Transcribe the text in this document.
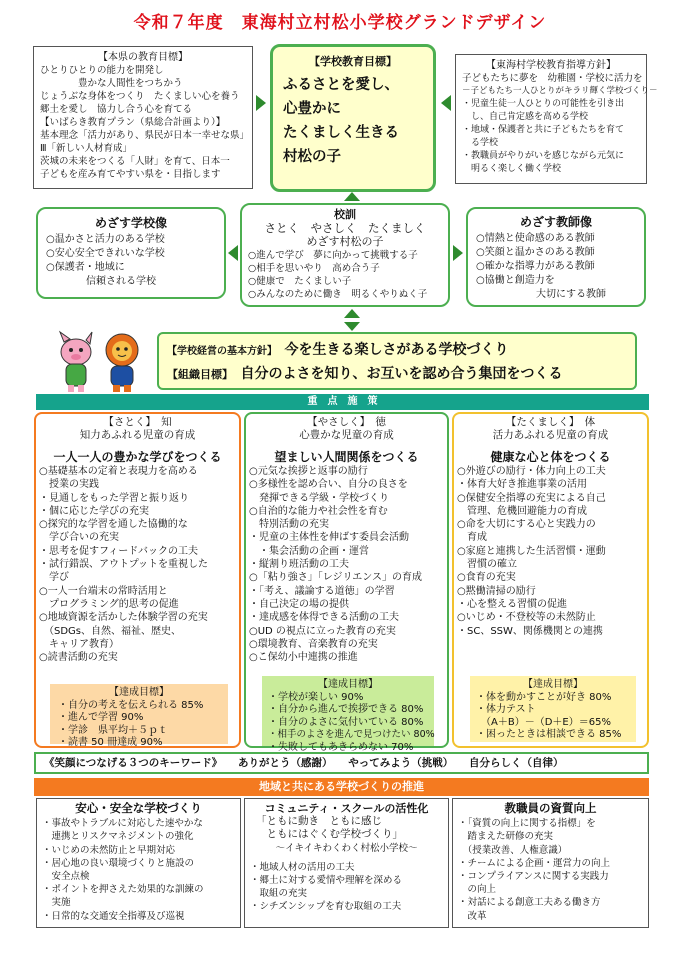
令和７年度　東海村立村松小学校グランドデザイン
【本県の教育目標】
ひとりひとりの能力を開発し
　　　　豊かな人間性をつちかう
じょうぶな身体をつくり　たくましい心を養う
郷土を愛し　協力し合う心を育てる
【いばらき教育プラン（県総合計画より）】
基本理念「活力があり、県民が日本一幸せな県」
Ⅲ「新しい人材育成」
茨城の未来をつくる「人財」を育て、日本一
子どもを産み育てやすい県を・目指します
【学校教育目標】
ふるさとを愛し、
心豊かに
たくましく生きる
村松の子
【東海村学校教育指導方針】
子どもたちに夢を　幼稚園・学校に活力を
－子どもたち一人ひとりがキラリ輝く学校づくり－
・児童生徒一人ひとりの可能性を引き出
　し、自己肯定感を高める学校
・地域・保護者と共に子どもたちを育て
　る学校
・教職員がやりがいを感じながら元気に
　明るく楽しく働く学校
めざす学校像
○温かさと活力のある学校
○安心安全できれいな学校
○保護者・地域に
　　　　信頼される学校
校訓
さとく　やさしく　たくましく
めざす村松の子
○進んで学び　夢に向かって挑戦する子
○相手を思いやり　高め合う子
○健康で　たくましい子
○みんなのために働き　明るくやりぬく子
めざす教師像
○情熱と使命感のある教師
○笑顔と温かさのある教師
○確かな指導力がある教師
○協働と創造力を
　　　　　　大切にする教師
【学校経営の基本方針】 今を生きる楽しさがある学校づくり
【組織目標】 自分のよさを知り、お互いを認め合う集団をつくる
重　点　施　策
【さとく】　知
知力あふれる児童の育成
一人一人の豊かな学びをつくる
○基礎基本の定着と表現力を高める
　授業の実践
・見通しをもった学習と振り返り
・個に応じた学びの充実
○探究的な学習を通した協働的な
　学び合いの充実
・思考を促すフィードバックの工夫
・試行錯誤、アウトプットを重視した
　学び
○一人一台端末の常時活用と
　プログラミング的思考の促進
○地域資源を活かした体験学習の充実
　（SDGs、自然、福祉、歴史、
　キャリア教育）
○読書活動の充実
【達成目標】
・自分の考えを伝えられる 85%
・進んで学習 90%
・学診　県平均＋５ｐｔ
・読書 50 冊達成 90%
【やさしく】　徳
心豊かな児童の育成
望ましい人間関係をつくる
○元気な挨拶と返事の励行
○多様性を認め合い、自分の良さを
　発揮できる学級・学校づくり
○自治的な能力や社会性を育む
　特別活動の充実
・児童の主体性を伸ばす委員会活動
　・集会活動の企画・運営
・縦割り班活動の工夫
○「粘り強さ」「レジリエンス」の育成
・「考え、議論する道徳」の学習
・自己決定の場の提供
・達成感を体得できる活動の工夫
○UD の視点に立った教育の充実
○環境教育、音楽教育の充実
○こ保幼小中連携の推進
【達成目標】
・学校が楽しい 90%
・自分から進んで挨拶できる 80%
・自分のよさに気付いている 80%
・相手のよさを進んで見つけたい 80%
・失敗してもあきらめない 70%
【たくましく】　体
活力あふれる児童の育成
健康な心と体をつくる
○外遊びの励行・体力向上の工夫
・体育大好き推進事業の活用
○保健安全指導の充実による自己
　管理、危機回避能力の育成
○命を大切にする心と実践力の
　育成
○家庭と連携した生活習慣・運動
　習慣の確立
○食育の充実
○黙働清掃の励行
・心を整える習慣の促進
○いじめ・不登校等の未然防止
・SC、SSW、関係機関との連携
【達成目標】
・体を動かすことが好き 80%
・体力テスト
　（A＋B）－（D＋E）＝65%
・困ったときは相談できる 85%
《笑顔につなげる３つのキーワード》　　ありがとう（感謝）　　やってみよう（挑戦）　　自分らしく（自律）
地域と共にある学校づくりの推進
安心・安全な学校づくり
・事故やトラブルに対応した速やかな
　連携とリスクマネジメントの強化
・いじめの未然防止と早期対応
・居心地の良い環境づくりと施設の
　安全点検
・ポイントを押さえた効果的な訓練の
　実施
・日常的な交通安全指導及び巡視
コミュニティ・スクールの活性化
「ともに動き　ともに感じ
　ともにはぐくむ学校づくり」
～イキイキわくわく村松小学校～
・地域人材の活用の工夫
・郷土に対する愛情や理解を深める
　取組の充実
・シチズンシップを育む取組の工夫
教職員の資質向上
・「資質の向上に関する指標」を
　踏まえた研修の充実
　（授業改善、人権意識）
・チームによる企画・運営力の向上
・コンプライアンスに関する実践力
　の向上
・対話による創意工夫ある働き方
　改革
